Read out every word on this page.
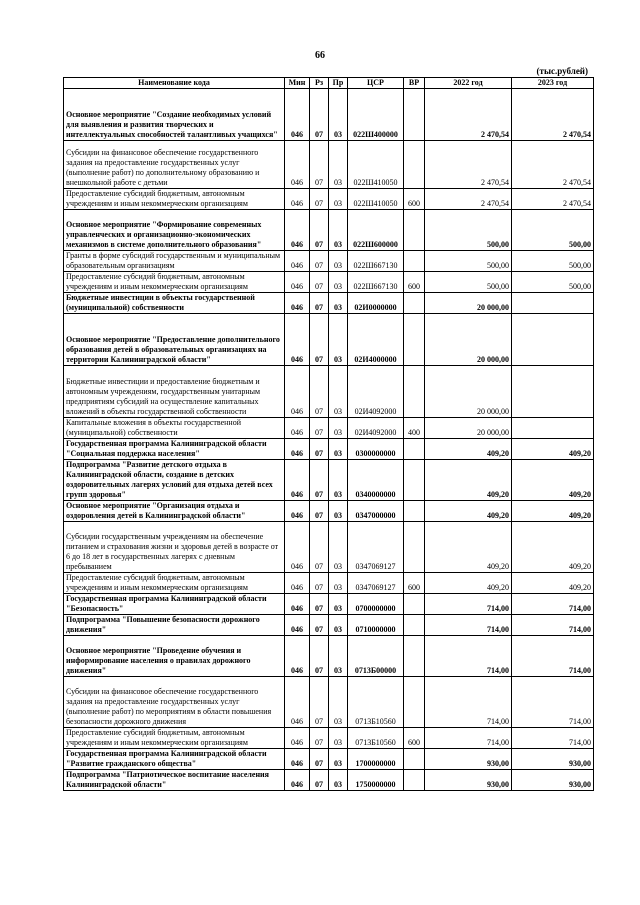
66
(тыс.рублей)
Наименование кода	Мин	Рз	Пр	ЦСР	ВР	2022 год	2023 год
Основное мероприятие "Создание необходимых условий для выявления и развития творческих и интеллектуальных способностей талантливых учащихся"	046	07	03	022Ш400000		2 470,54	2 470,54
Субсидии на финансовое обеспечение государственного задания на предоставление государственных услуг (выполнение работ) по дополнительному образованию и внешкольной работе с детьми	046	07	03	022Ш410050		2 470,54	2 470,54
Предоставление субсидий бюджетным, автономным учреждениям и иным некоммерческим организациям	046	07	03	022Ш410050	600	2 470,54	2 470,54
Основное мероприятие "Формирование современных управленческих и организационно-экономических механизмов в системе дополнительного образования"	046	07	03	022Ш600000		500,00	500,00
Гранты в форме субсидий государственным и муниципальным образовательным организациям	046	07	03	022Ш667130		500,00	500,00
Предоставление субсидий бюджетным, автономным учреждениям и иным некоммерческим организациям	046	07	03	022Ш667130	600	500,00	500,00
Бюджетные инвестиции в объекты государственной (муниципальной) собственности	046	07	03	02И0000000		20 000,00	
Основное мероприятие "Предоставление дополнительного образования детей в образовательных организациях на территории Калининградской области"	046	07	03	02И4000000		20 000,00	
Бюджетные инвестиции и предоставление бюджетным и автономным учреждениям, государственным унитарным предприятиям субсидий на осуществление капитальных вложений в объекты государственной собственности	046	07	03	02И4092000		20 000,00	
Капитальные вложения в объекты государственной (муниципальной) собственности	046	07	03	02И4092000	400	20 000,00	
Государственная программа Калининградской области "Социальная поддержка населения"	046	07	03	0300000000		409,20	409,20
Подпрограмма "Развитие детского отдыха в Калининградской области, создание в детских оздоровительных лагерях условий для отдыха детей всех групп здоровья"	046	07	03	0340000000		409,20	409,20
Основное мероприятие "Организация отдыха и оздоровления детей в Калининградской области"	046	07	03	0347000000		409,20	409,20
Субсидии государственным учреждениям на обеспечение питанием и страхования жизни и здоровья детей в возрасте от 6 до 18 лет в государственных лагерях с дневным пребыванием	046	07	03	0347069127		409,20	409,20
Предоставление субсидий бюджетным, автономным учреждениям и иным некоммерческим организациям	046	07	03	0347069127	600	409,20	409,20
Государственная программа Калининградской области "Безопасность"	046	07	03	0700000000		714,00	714,00
Подпрограмма "Повышение безопасности дорожного движения"	046	07	03	0710000000		714,00	714,00
Основное мероприятие "Проведение обучения и информирование населения о правилах дорожного движения"	046	07	03	0713Б00000		714,00	714,00
Субсидии на финансовое обеспечение государственного задания на предоставление государственных услуг (выполнение работ) по мероприятиям в области повышения безопасности дорожного движения	046	07	03	0713Б10560		714,00	714,00
Предоставление субсидий бюджетным, автономным учреждениям и иным некоммерческим организациям	046	07	03	0713Б10560	600	714,00	714,00
Государственная программа Калининградской области "Развитие гражданского общества"	046	07	03	1700000000		930,00	930,00
Подпрограмма "Патриотическое воспитание населения Калининградской области"	046	07	03	1750000000		930,00	930,00
